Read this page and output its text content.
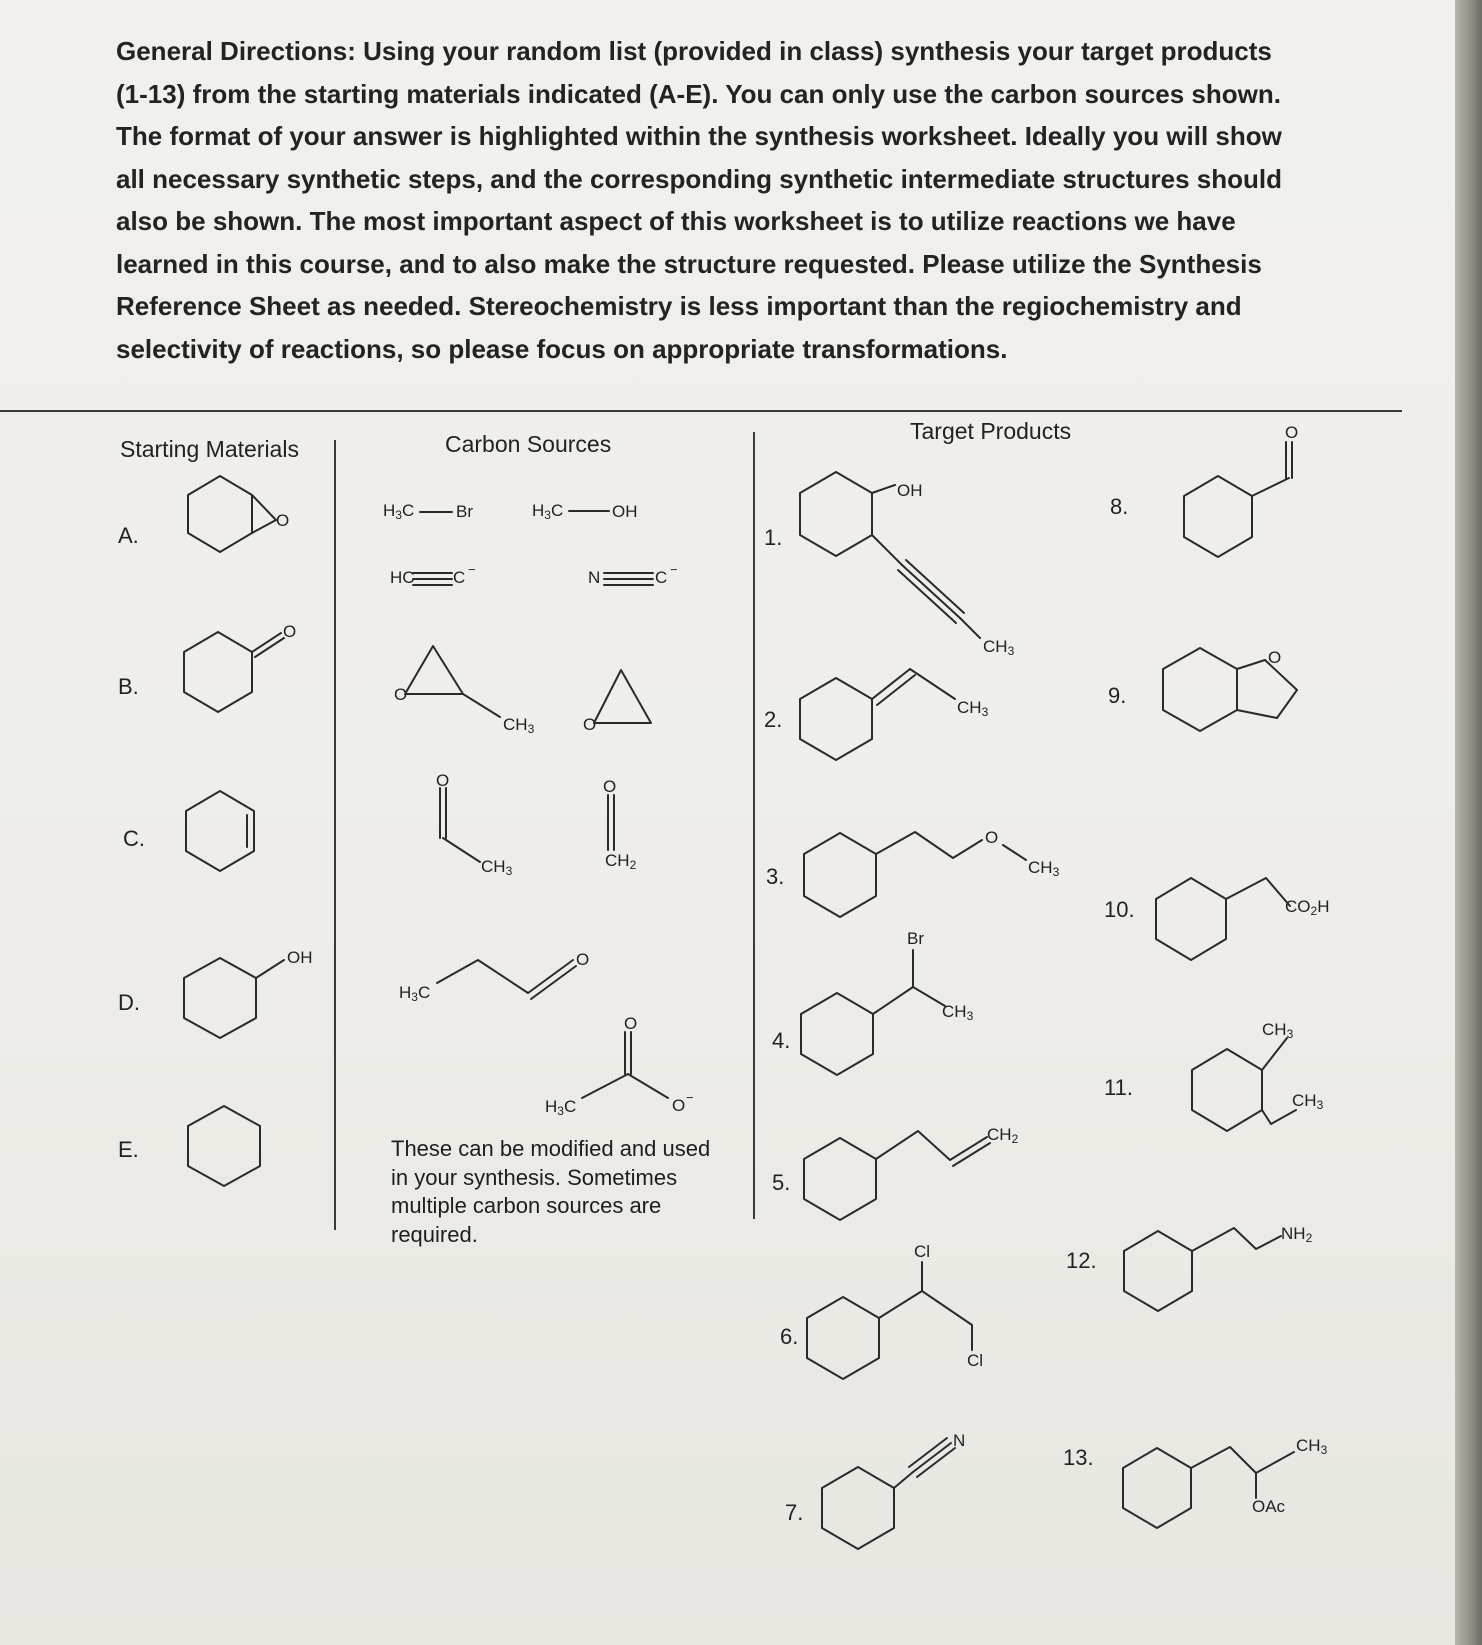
General Directions: Using your random list (provided in class) synthesis your target products (1-13) from the starting materials indicated (A-E). You can only use the carbon sources shown. The format of your answer is highlighted within the synthesis worksheet. Ideally you will show all necessary synthetic steps, and the corresponding synthetic intermediate structures should also be shown. The most important aspect of this worksheet is to utilize reactions we have learned in this course, and to also make the structure requested. Please utilize the Synthesis Reference Sheet as needed. Stereochemistry is less important than the regiochemistry and selectivity of reactions, so please focus on appropriate transformations.

Starting Materials	Carbon Sources	Target Products
A.
B.
C.
D.
E.
1.
2.
3.
4.
5.
6.
7.
8.
9.
10.
11.
12.
13.
O
O
OH
$H_3C$ Br	$H_3C$	OH
HC C −	N	C −
O
$CH_3$	O
O
$CH_3$
O
$CH_2$
$H_3C$
O
O
$H_3C$	O −
These can be modified and used in your synthesis. Sometimes multiple carbon sources are required.
OH
$CH_3$
$CH_3$
O
$CH_3$
Br
$CH_3$
$CH_2$
Cl
Cl
N
O
O
$CO_2H$
$CH_3$
$CH_3$
$NH_2$
$CH_3$
OAc
